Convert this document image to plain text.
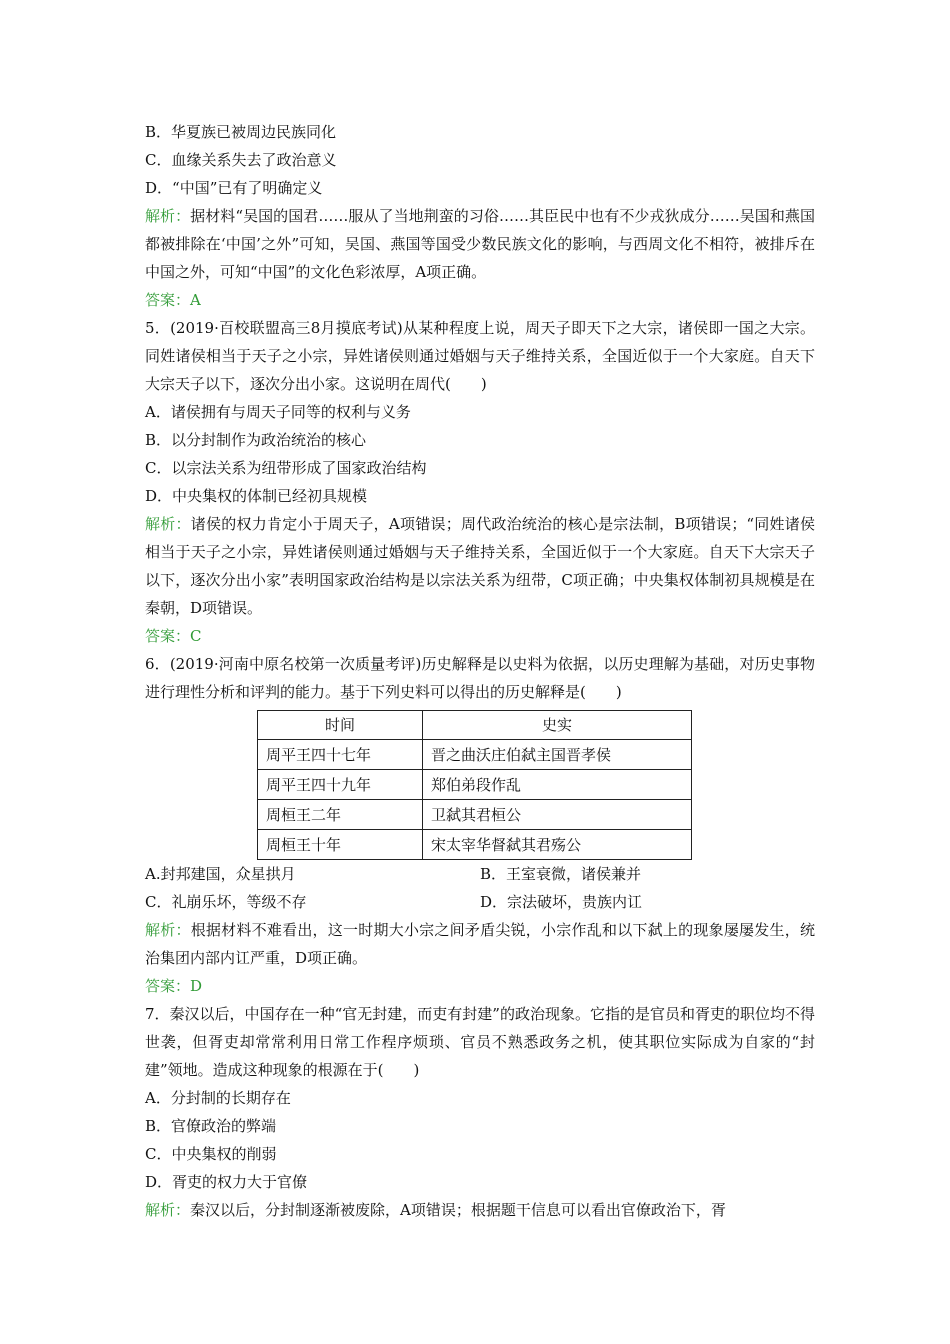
B．华夏族已被周边民族同化
C．血缘关系失去了政治意义
D．“中国”已有了明确定义
解析：据材料“吴国的国君……服从了当地荆蛮的习俗……其臣民中也有不少戎狄成分……吴国和燕国都被排除在‘中国’之外”可知，吴国、燕国等国受少数民族文化的影响，与西周文化不相符，被排斥在中国之外，可知“中国”的文化色彩浓厚，A项正确。
答案：A
5．(2019·百校联盟高三8月摸底考试)从某种程度上说，周天子即天下之大宗，诸侯即一国之大宗。 同姓诸侯相当于天子之小宗，异姓诸侯则通过婚姻与天子维持关系，全国近似于一个大家庭。自天下大宗天子以下，逐次分出小家。这说明在周代(　　)
A．诸侯拥有与周天子同等的权利与义务
B．以分封制作为政治统治的核心
C．以宗法关系为纽带形成了国家政治结构
D．中央集权的体制已经初具规模
解析：诸侯的权力肯定小于周天子，A项错误；周代政治统治的核心是宗法制，B项错误；“同姓诸侯相当于天子之小宗，异姓诸侯则通过婚姻与天子维持关系，全国近似于一个大家庭。自天下大宗天子以下，逐次分出小家”表明国家政治结构是以宗法关系为纽带，C项正确；中央集权体制初具规模是在秦朝，D项错误。
答案：C
6．(2019·河南中原名校第一次质量考评)历史解释是以史料为依据，以历史理解为基础，对历史事物进行理性分析和评判的能力。基于下列史料可以得出的历史解释是(　　)
时间	史实
周平王四十七年	晋之曲沃庄伯弑主国晋孝侯
周平王四十九年	郑伯弟段作乱
周桓王二年	卫弑其君桓公
周桓王十年	宋太宰华督弑其君殇公
A.封邦建国，众星拱月	B．王室衰微，诸侯兼并
C．礼崩乐坏，等级不存	D．宗法破坏，贵族内讧
解析：根据材料不难看出，这一时期大小宗之间矛盾尖锐，小宗作乱和以下弑上的现象屡屡发生，统治集团内部内讧严重，D项正确。
答案：D
7．秦汉以后，中国存在一种“官无封建，而吏有封建”的政治现象。它指的是官员和胥吏的职位均不得世袭，但胥吏却常常利用日常工作程序烦琐、官员不熟悉政务之机，使其职位实际成为自家的“封建”领地。造成这种现象的根源在于(　　)
A．分封制的长期存在
B．官僚政治的弊端
C．中央集权的削弱
D．胥吏的权力大于官僚
解析：秦汉以后，分封制逐渐被废除，A项错误；根据题干信息可以看出官僚政治下，胥
